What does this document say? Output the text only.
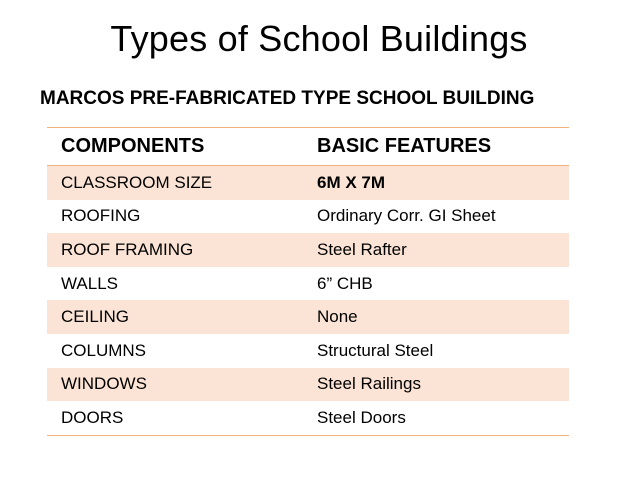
Types of School Buildings
MARCOS PRE-FABRICATED TYPE SCHOOL BUILDING
COMPONENTS	BASIC FEATURES
CLASSROOM SIZE	6M X 7M
ROOFING	Ordinary Corr. GI Sheet
ROOF FRAMING	Steel Rafter
WALLS	6” CHB
CEILING	None
COLUMNS	Structural Steel
WINDOWS	Steel Railings
DOORS	Steel Doors
